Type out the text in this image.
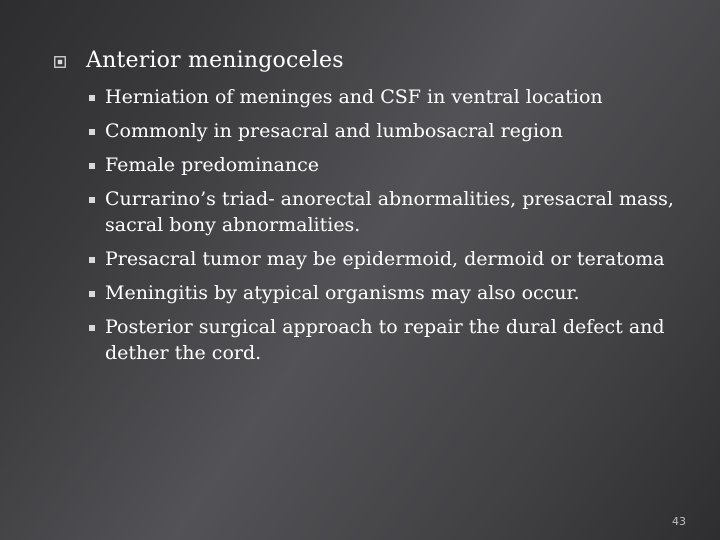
Anterior meningoceles
Herniation of meninges and CSF in ventral location
Commonly in presacral and lumbosacral region
Female predominance
Currarino’s triad- anorectal abnormalities, presacral mass, sacral bony abnormalities.
Presacral tumor may be epidermoid, dermoid or teratoma
Meningitis by atypical organisms may also occur.
Posterior surgical approach to repair the dural defect and dether the cord.
43
